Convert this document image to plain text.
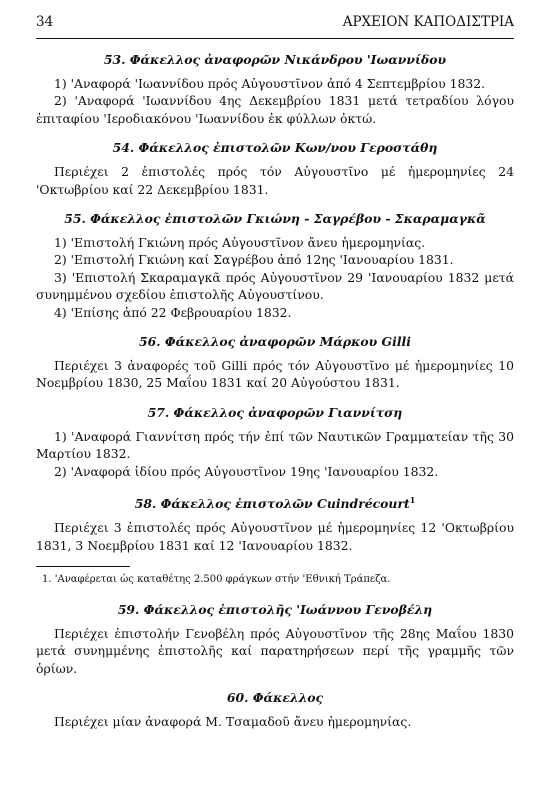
34	ΑΡΧΕΙΟΝ ΚΑΠΟΔΙΣΤΡΙΑ

53. Φάκελλος ἀναφορῶν Νικάνδρου 'Ιωαννίδου

1) 'Αναφορά 'Ιωαννίδου πρός Αὐγουστῖνον ἀπό 4 Σεπτεμβρίου 1832.

2) 'Αναφορά 'Ιωαννίδου 4ης Δεκεμβρίου 1831 μετά τετραδίου λόγου ἐπιταφίου 'Ιεροδιακόνου 'Ιωαννίδου ἐκ φύλλων ὀκτώ.

54. Φάκελλος ἐπιστολῶν Κων/νου Γεροστάθη

Περιέχει 2 ἐπιστολές πρός τόν Αὐγουστῖνο μέ ἡμερομηνίες 24 'Οκτωβρίου καί 22 Δεκεμβρίου 1831.

55. Φάκελλος ἐπιστολῶν Γκιώνη - Σαγρέβου - Σκαραμαγκᾶ

1) 'Επιστολή Γκιώνη πρός Αὐγουστῖνον ἄνευ ἡμερομηνίας.

2) 'Επιστολή Γκιώνη καί Σαγρέβου ἀπό 12ης 'Ιανουαρίου 1831.

3) 'Επιστολή Σκαραμαγκᾶ πρός Αὐγουστῖνον 29 'Ιανουαρίου 1832 μετά συνημμένου σχεδίου ἐπιστολῆς Αὐγουστίνου.

4) 'Επίσης ἀπό 22 Φεβρουαρίου 1832.

56. Φάκελλος ἀναφορῶν Μάρκου Gilli

Περιέχει 3 ἀναφορές τοῦ Gilli πρός τόν Αὐγουστῖνο μέ ἡμερομηνίες 10 Νοεμβρίου 1830, 25 Μαΐου 1831 καί 20 Αὐγούστου 1831.

57. Φάκελλος ἀναφορῶν Γιαννίτση

1) 'Αναφορά Γιαννίτση πρός τήν ἐπί τῶν Ναυτικῶν Γραμματείαν τῆς 30 Μαρτίου 1832.

2) 'Αναφορά ἰδίου πρός Αὐγουστῖνον 19ης 'Ιανουαρίου 1832.

58. Φάκελλος ἐπιστολῶν Cuindrécourt$^1$

Περιέχει 3 ἐπιστολές πρός Αὐγουστῖνον μέ ἡμερομηνίες 12 'Οκτωβρίου 1831, 3 Νοεμβρίου 1831 καί 12 'Ιανουαρίου 1832.

1. 'Αναφέρεται ὡς καταθέτης 2.500 φράγκων στήν 'Εθνική Τράπεζα.

59. Φάκελλος ἐπιστολῆς 'Ιωάννου Γενοβέλη

Περιέχει ἐπιστολήν Γενοβέλη πρός Αὐγουστῖνον τῆς 28ης Μαΐου 1830 μετά συνημμένης ἐπιστολῆς καί παρατηρήσεων περί τῆς γραμμῆς τῶν ὁρίων.

60. Φάκελλος

Περιέχει μίαν ἀναφορά Μ. Τσαμαδοῦ ἄνευ ἡμερομηνίας.
